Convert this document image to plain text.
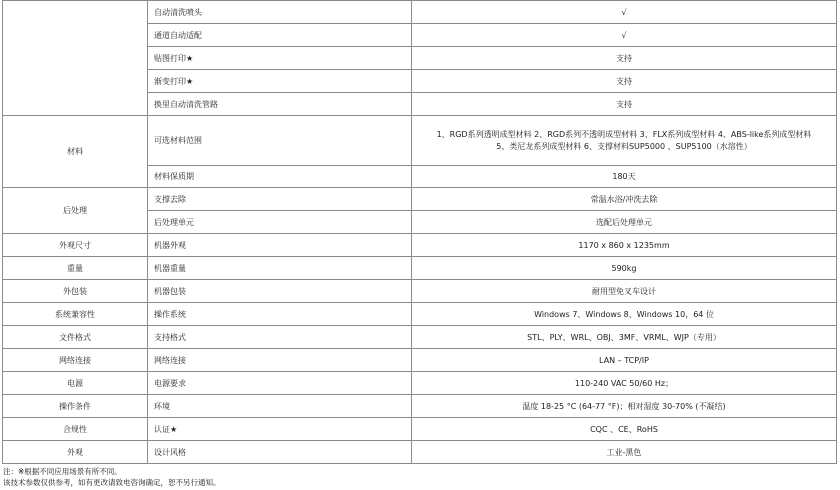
	自动清洗喷头	√
	通道自动适配	√
	贴图打印★	支持
	渐变打印★	支持
	换里自动清洗管路	支持
材料	可选材料范围	1、RGD系列透明成型材料 2、RGD系列不透明成型材料 3、FLX系列成型材料 4、ABS-like系列成型材料
5、类尼龙系列成型材料 6、支撑材料SUP5000 、SUP5100（水溶性）

	材料保质期	180天
后处理	支撑去除	常温水浴/冲洗去除
	后处理单元	选配后处理单元
外观尺寸	机器外观	1170 x 860 x 1235mm
重量	机器重量	590kg
外包装	机器包装	耐用型免叉车设计
系统兼容性	操作系统	Windows 7、Windows 8、Windows 10，64 位
文件格式	支持格式	STL、PLY、WRL、OBJ、3MF、VRML、WJP（专用）
网络连接	网络连接	LAN – TCP/IP
电源	电源要求	110-240 VAC 50/60 Hz；
操作条件	环境	温度 18-25 °C (64-77 °F)；相对湿度 30-70% (不凝结)
合规性	认证★	CQC 、CE、RoHS
外观	设计风格	工业-黑色
注：※根据不同应用场景有所不同。
该技术参数仅供参考，如有更改请致电咨询确定，恕不另行通知。
